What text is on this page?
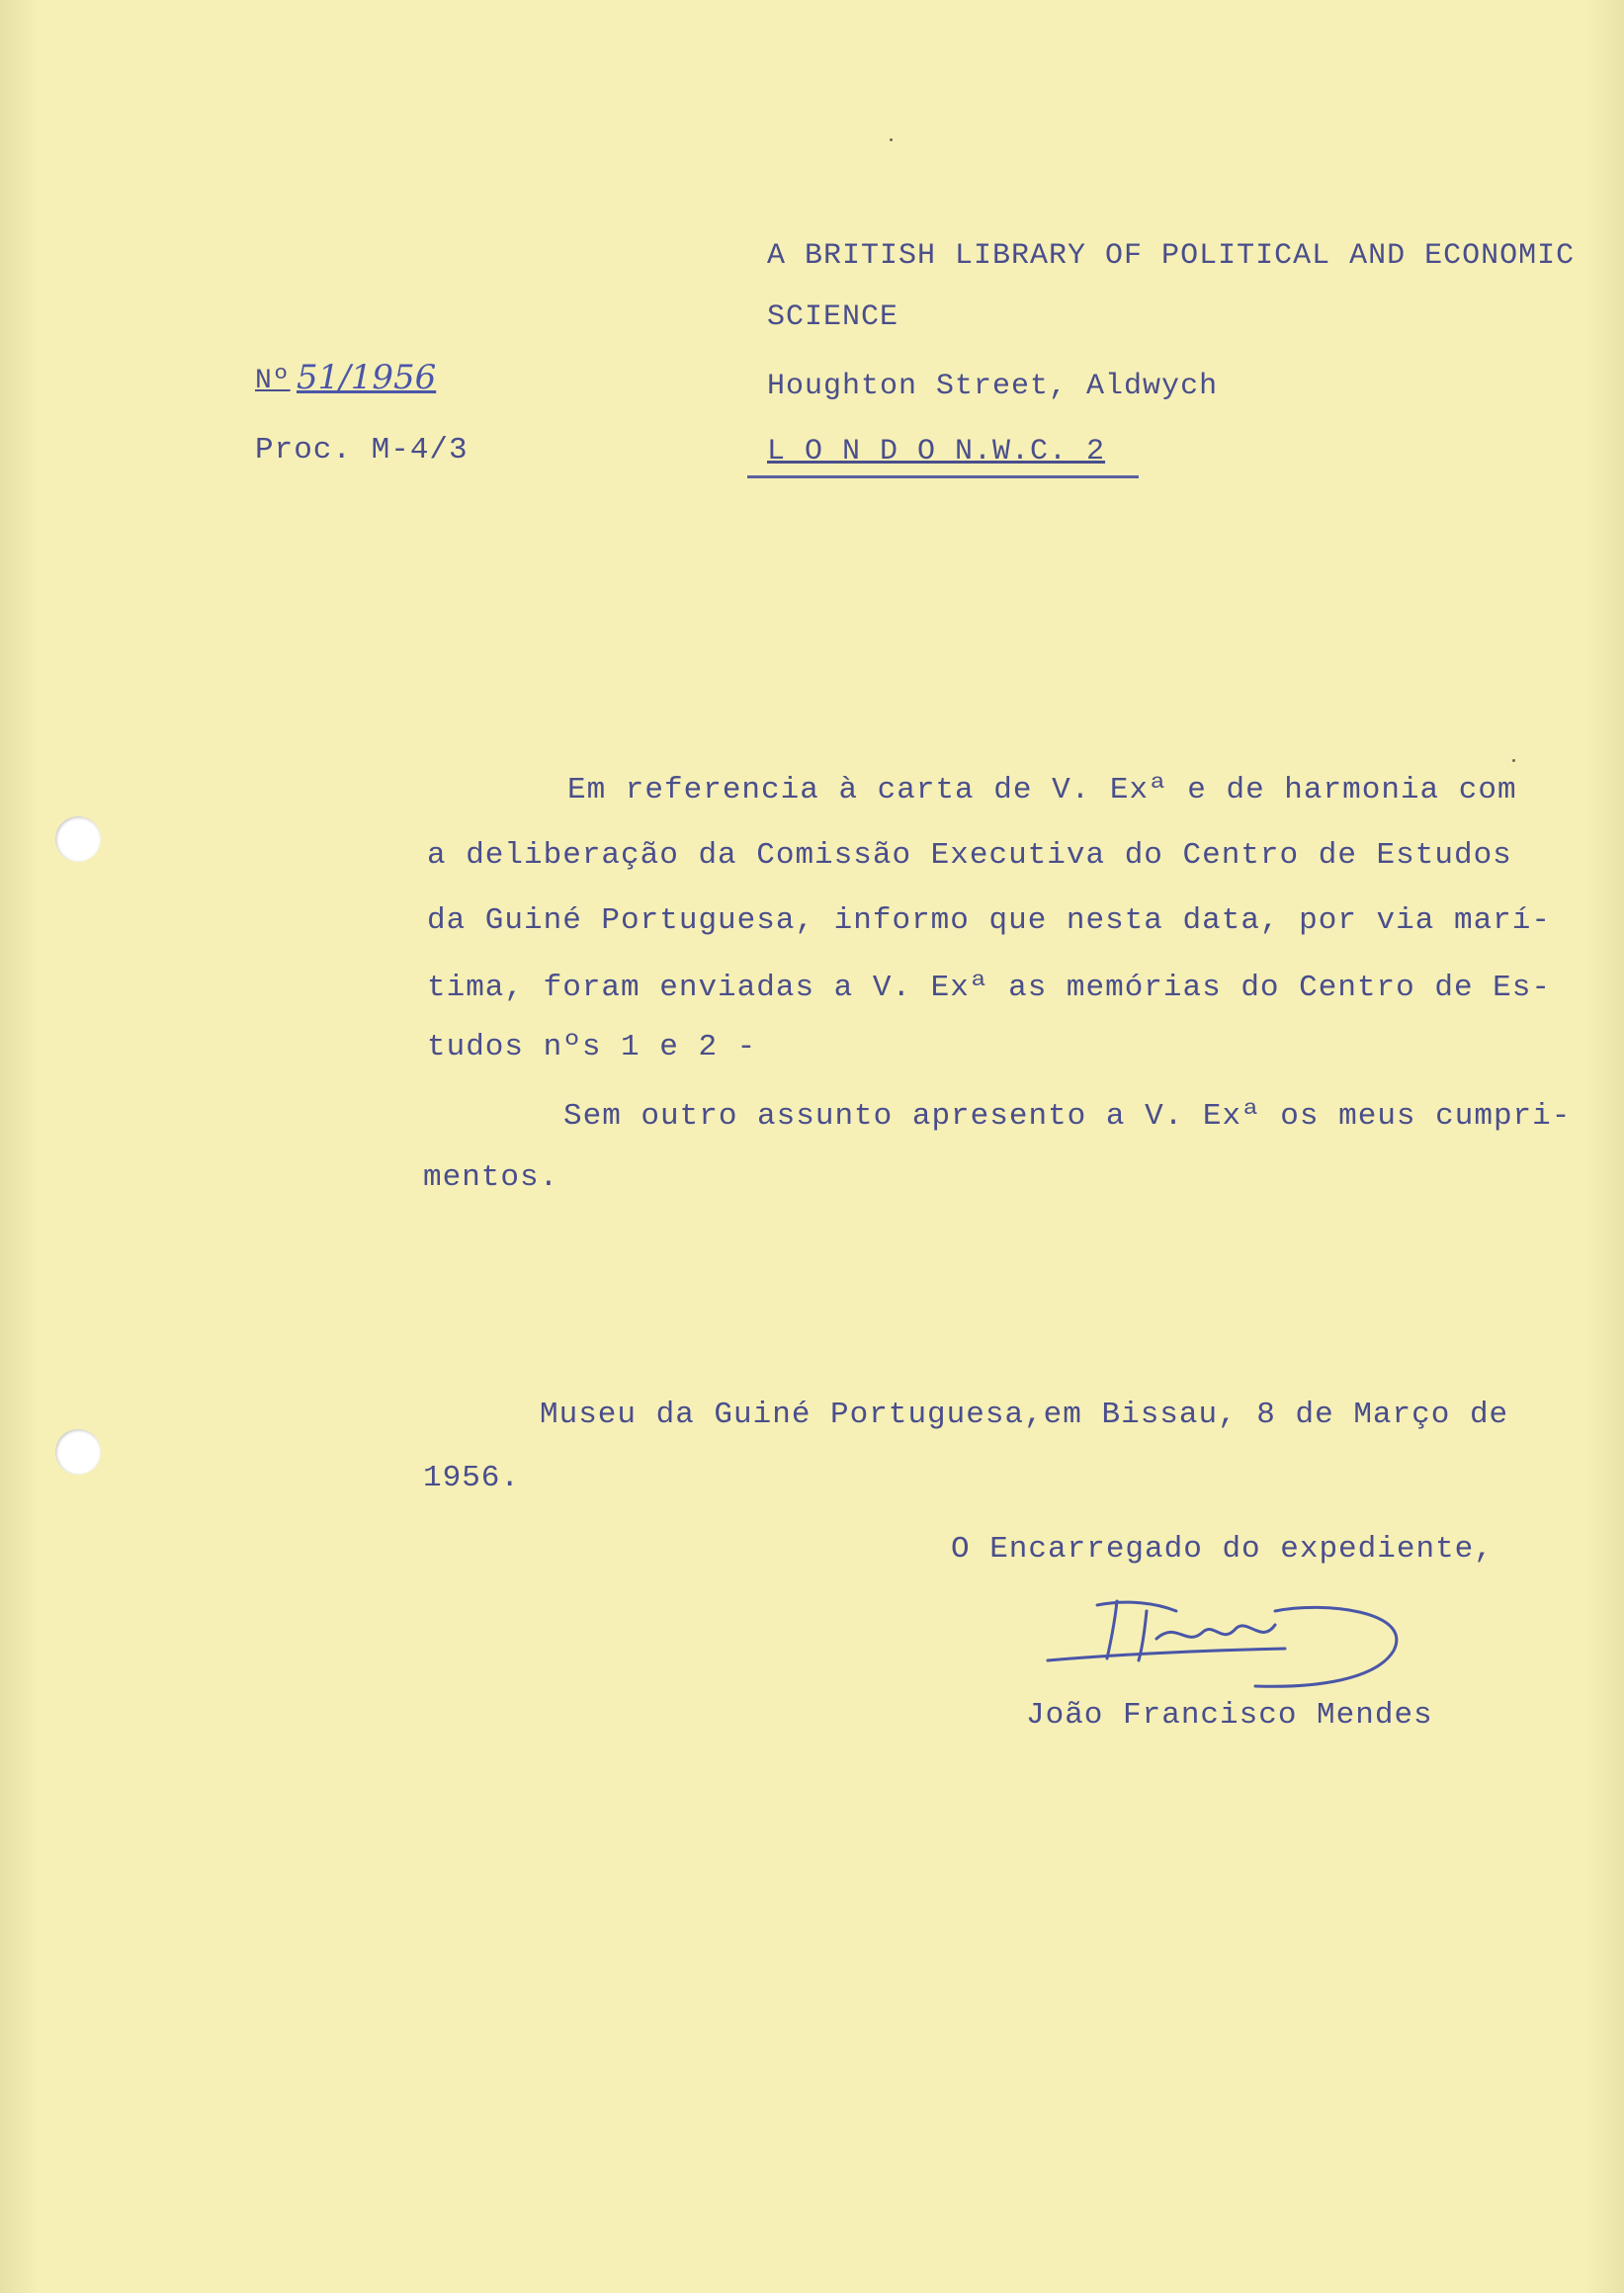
A BRITISH LIBRARY OF POLITICAL AND ECONOMIC
SCIENCE
Houghton Street, Aldwych
L O N D O N.W.C. 2
Nº 51/1956
Proc. M-4/3
Em referencia à carta de V. Exª e de harmonia com
a deliberação da Comissão Executiva do Centro de Estudos
da Guiné Portuguesa, informo que nesta data, por via marí-
tima, foram enviadas a V. Exª as memórias do Centro de Es-
tudos nºs 1 e 2 -
Sem outro assunto apresento a V. Exª os meus cumpri-
mentos.
Museu da Guiné Portuguesa,em Bissau, 8 de Março de
1956.
O Encarregado do expediente,
João Francisco Mendes
